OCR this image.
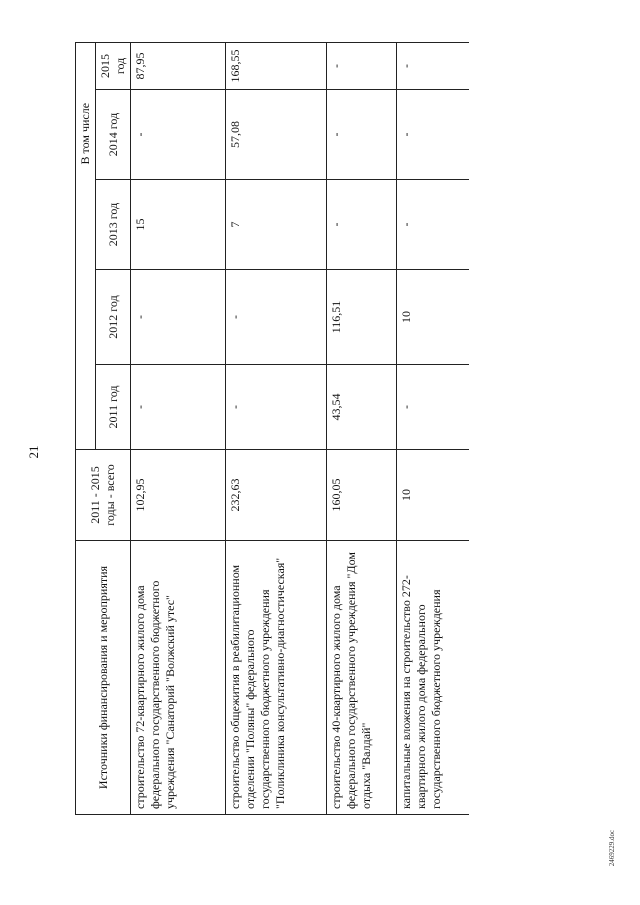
21
Источники финансирования и мероприятия	2011 - 2015 годы - всего	В том числе				
		2011 год	2012 год	2013 год	2014 год	2015 год
строительство 72-квартирного жилого дома федерального государственного бюджетного учреждения "Санаторий "Волжский утес"	102,95	-	-	15	-	87,95
строительство общежития в реабилитационном отделении "Поляны" федерального государственного бюджетного учреждения "Поликлиника консультативно-диагностическая"	232,63	-	-	7	57,08	168,55
строительство 40-квартирного жилого дома федерального государственного учреждения "Дом отдыха "Валдай"	160,05	43,54	116,51	-	-	-
капитальные вложения на строительство 272-квартирного жилого дома федерального государственного бюджетного учреждения	10	-	10	-	-	-
2469229.doc
